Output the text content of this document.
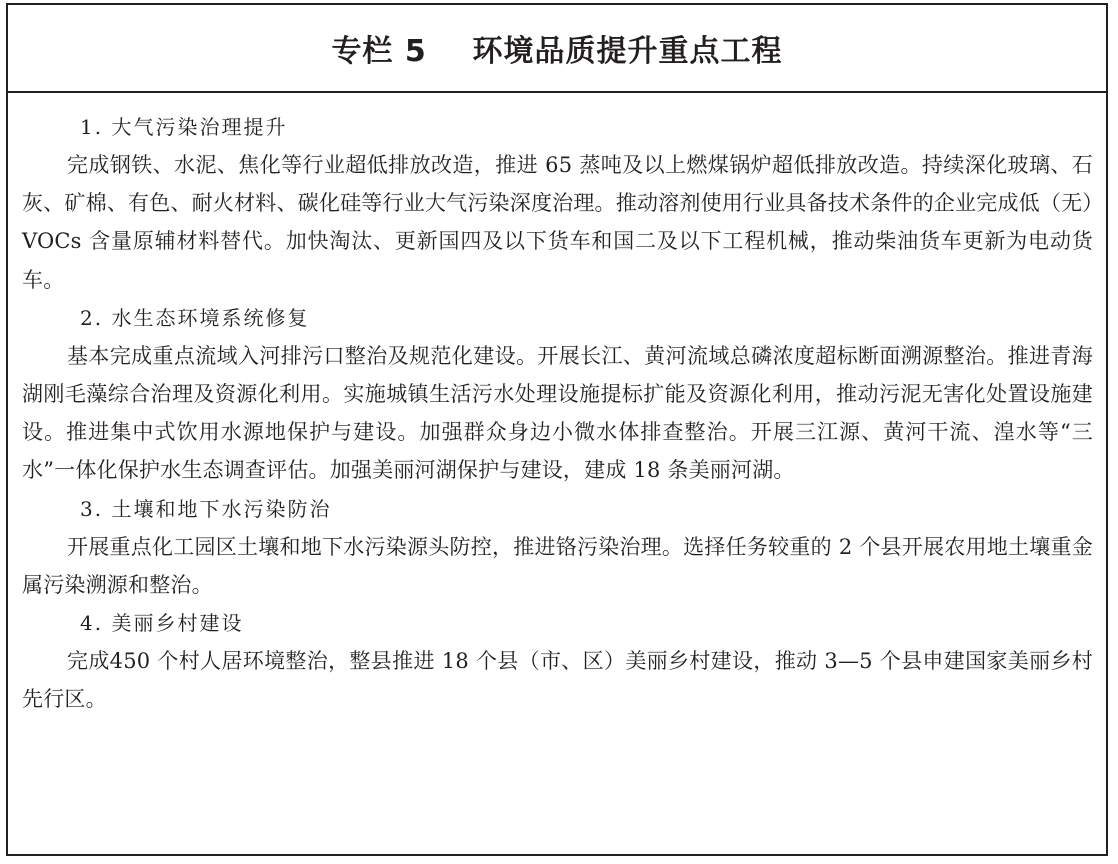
专栏 5    环境品质提升重点工程
1. 大气污染治理提升

完成钢铁、水泥、焦化等行业超低排放改造，推进 65 蒸吨及以上燃煤锅炉超低排放改造。持续深化玻璃、石灰、矿棉、有色、耐火材料、碳化硅等行业大气污染深度治理。推动溶剂使用行业具备技术条件的企业完成低（无）VOCs 含量原辅材料替代。加快淘汰、更新国四及以下货车和国二及以下工程机械，推动柴油货车更新为电动货车。

2. 水生态环境系统修复

基本完成重点流域入河排污口整治及规范化建设。开展长江、黄河流域总磷浓度超标断面溯源整治。推进青海湖刚毛藻综合治理及资源化利用。实施城镇生活污水处理设施提标扩能及资源化利用，推动污泥无害化处置设施建设。推进集中式饮用水源地保护与建设。加强群众身边小微水体排查整治。开展三江源、黄河干流、湟水等“三水”一体化保护水生态调查评估。加强美丽河湖保护与建设，建成 18 条美丽河湖。

3. 土壤和地下水污染防治

开展重点化工园区土壤和地下水污染源头防控，推进铬污染治理。选择任务较重的 2 个县开展农用地土壤重金属污染溯源和整治。

4. 美丽乡村建设

完成450 个村人居环境整治，整县推进 18 个县（市、区）美丽乡村建设，推动 3—5 个县申建国家美丽乡村先行区。
